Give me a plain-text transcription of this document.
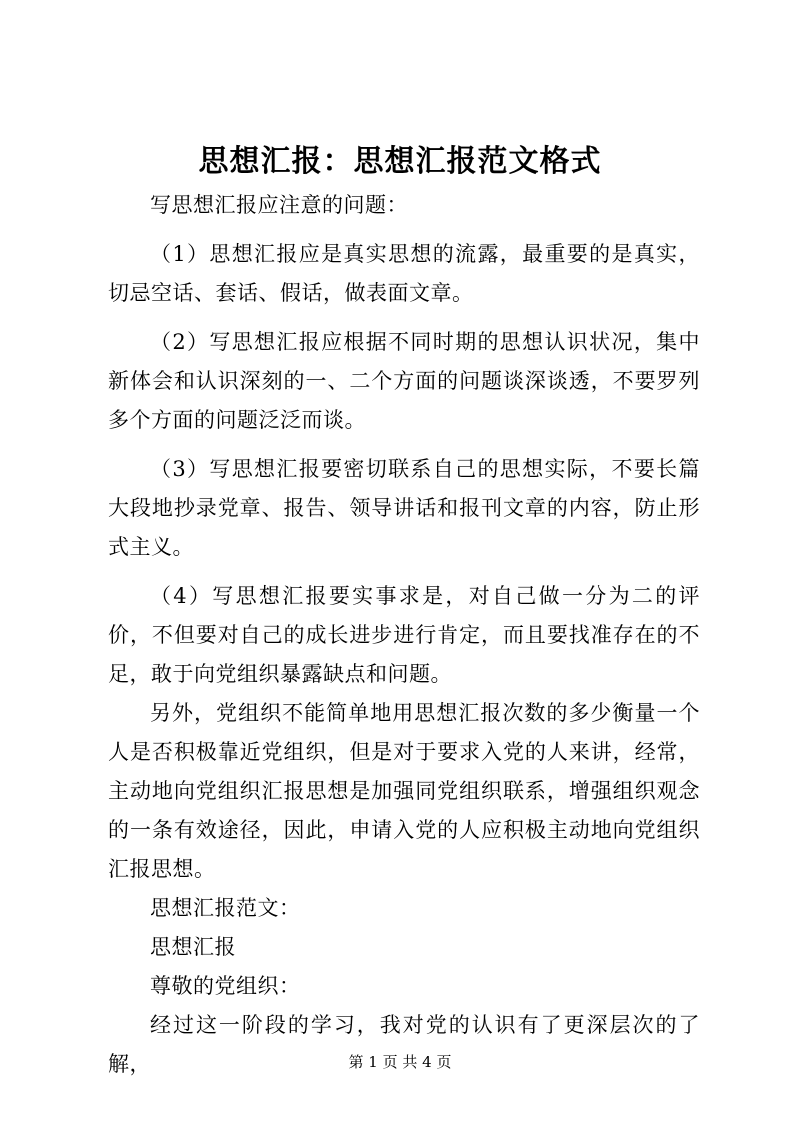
思想汇报：思想汇报范文格式

写思想汇报应注意的问题：

（1）思想汇报应是真实思想的流露，最重要的是真实，切忌空话、套话、假话，做表面文章。

（2）写思想汇报应根据不同时期的思想认识状况，集中新体会和认识深刻的一、二个方面的问题谈深谈透，不要罗列多个方面的问题泛泛而谈。

（3）写思想汇报要密切联系自己的思想实际，不要长篇大段地抄录党章、报告、领导讲话和报刊文章的内容，防止形式主义。

（4）写思想汇报要实事求是，对自己做一分为二的评价，不但要对自己的成长进步进行肯定，而且要找准存在的不足，敢于向党组织暴露缺点和问题。

另外，党组织不能简单地用思想汇报次数的多少衡量一个人是否积极靠近党组织，但是对于要求入党的人来讲，经常，主动地向党组织汇报思想是加强同党组织联系，增强组织观念的一条有效途径，因此，申请入党的人应积极主动地向党组织汇报思想。

思想汇报范文：

思想汇报

尊敬的党组织：

经过这一阶段的学习，我对党的认识有了更深层次的了解，	第 1 页 共 4 页
